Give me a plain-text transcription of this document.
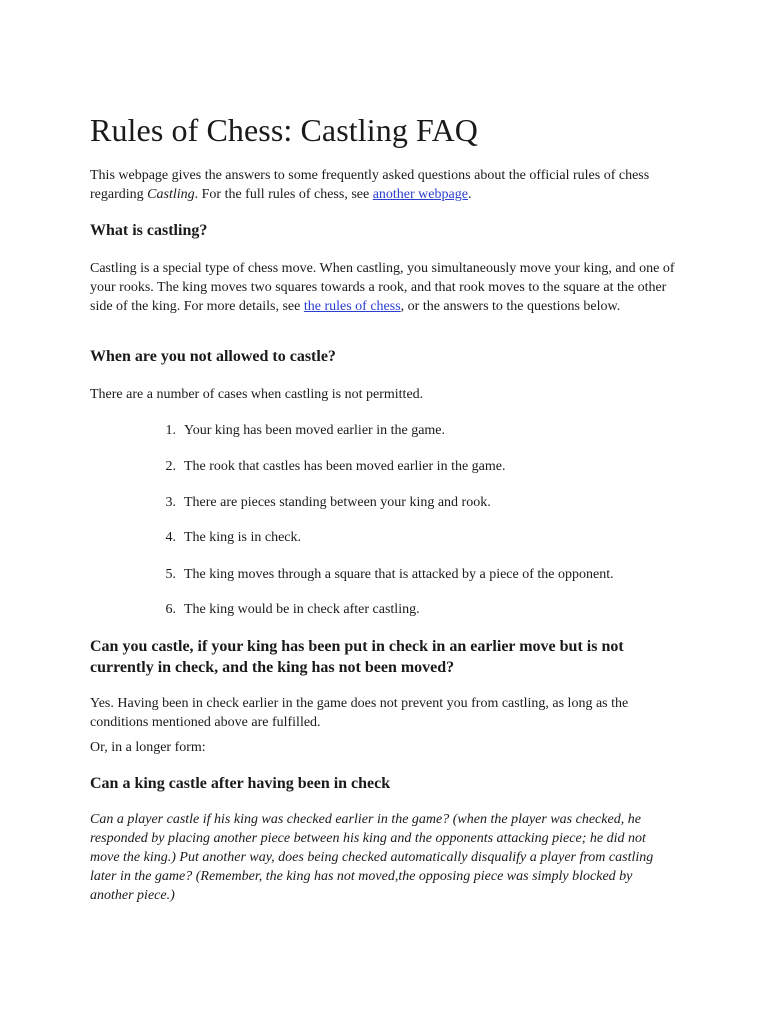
Rules of Chess: Castling FAQ

This webpage gives the answers to some frequently asked questions about the official rules of chess regarding Castling. For the full rules of chess, see another webpage.

What is castling?

Castling is a special type of chess move. When castling, you simultaneously move your king, and one of your rooks. The king moves two squares towards a rook, and that rook moves to the square at the other side of the king. For more details, see the rules of chess, or the answers to the questions below.

When are you not allowed to castle?

There are a number of cases when castling is not permitted.

1. Your king has been moved earlier in the game.
2. The rook that castles has been moved earlier in the game.
3. There are pieces standing between your king and rook.
4. The king is in check.
5. The king moves through a square that is attacked by a piece of the opponent.
6. The king would be in check after castling.
Can you castle, if your king has been put in check in an earlier move but is not currently in check, and the king has not been moved?

Yes. Having been in check earlier in the game does not prevent you from castling, as long as the conditions mentioned above are fulfilled.

Or, in a longer form:

Can a king castle after having been in check

Can a player castle if his king was checked earlier in the game? (when the player was checked, he responded by placing another piece between his king and the opponents attacking piece; he did not move the king.) Put another way, does being checked automatically disqualify a player from castling later in the game? (Remember, the king has not moved,the opposing piece was simply blocked by another piece.)
